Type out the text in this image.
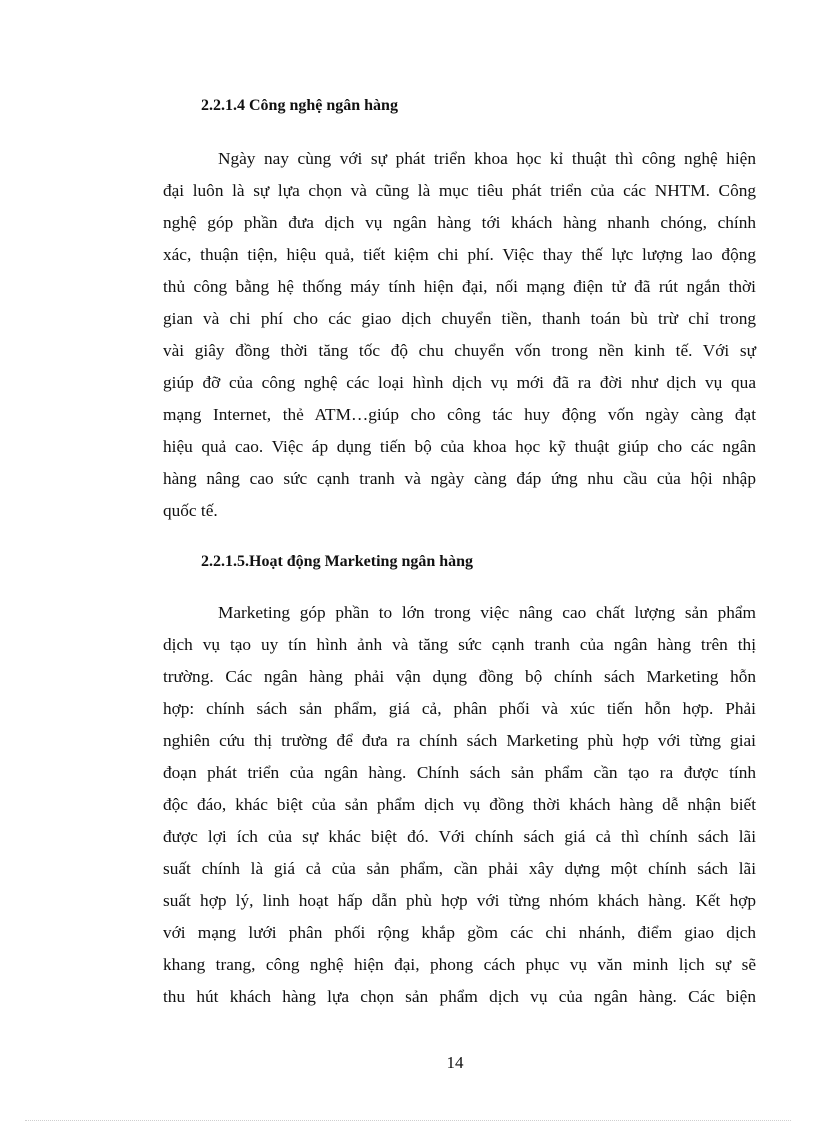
2.2.1.4 Công nghệ ngân hàng
Ngày nay cùng với sự phát triển khoa học kỉ thuật thì công nghệ hiện
đại luôn là sự lựa chọn và cũng là mục tiêu phát triển của các NHTM. Công
nghệ góp phần đưa dịch vụ ngân hàng tới khách hàng nhanh chóng, chính
xác, thuận tiện, hiệu quả, tiết kiệm chi phí. Việc thay thế lực lượng lao động
thủ công bằng hệ thống máy tính hiện đại, nối mạng điện tử đã rút ngắn thời
gian và chi phí cho các giao dịch chuyển tiền, thanh toán bù trừ chỉ trong
vài giây đồng thời tăng tốc độ chu chuyển vốn trong nền kinh tế. Với sự
giúp đỡ của công nghệ các loại hình dịch vụ mới đã ra đời như dịch vụ qua
mạng Internet, thẻ ATM…giúp cho công tác huy động vốn ngày càng đạt
hiệu quả cao. Việc áp dụng tiến bộ của khoa học kỹ thuật giúp cho các ngân
hàng nâng cao sức cạnh tranh và ngày càng đáp ứng nhu cầu của hội nhập
quốc tế.
2.2.1.5.Hoạt động Marketing ngân hàng
Marketing góp phần to lớn trong việc nâng cao chất lượng sản phẩm
dịch vụ tạo uy tín hình ảnh và tăng sức cạnh tranh của ngân hàng trên thị
trường. Các ngân hàng phải vận dụng đồng bộ chính sách Marketing hỗn
hợp: chính sách sản phẩm, giá cả, phân phối và xúc tiến hỗn hợp. Phải
nghiên cứu thị trường để đưa ra chính sách Marketing phù hợp với từng giai
đoạn phát triển của ngân hàng. Chính sách sản phẩm cần tạo ra được tính
độc đáo, khác biệt của sản phẩm dịch vụ đồng thời khách hàng dễ nhận biết
được lợi ích của sự khác biệt đó. Với chính sách giá cả thì chính sách lãi
suất chính là giá cả của sản phẩm, cần phải xây dựng một chính sách lãi
suất hợp lý, linh hoạt hấp dẫn phù hợp với từng nhóm khách hàng. Kết hợp
với mạng lưới phân phối rộng khắp gồm các chi nhánh, điểm giao dịch
khang trang, công nghệ hiện đại, phong cách phục vụ văn minh lịch sự sẽ
thu hút khách hàng lựa chọn sản phẩm dịch vụ của ngân hàng. Các biện
14
